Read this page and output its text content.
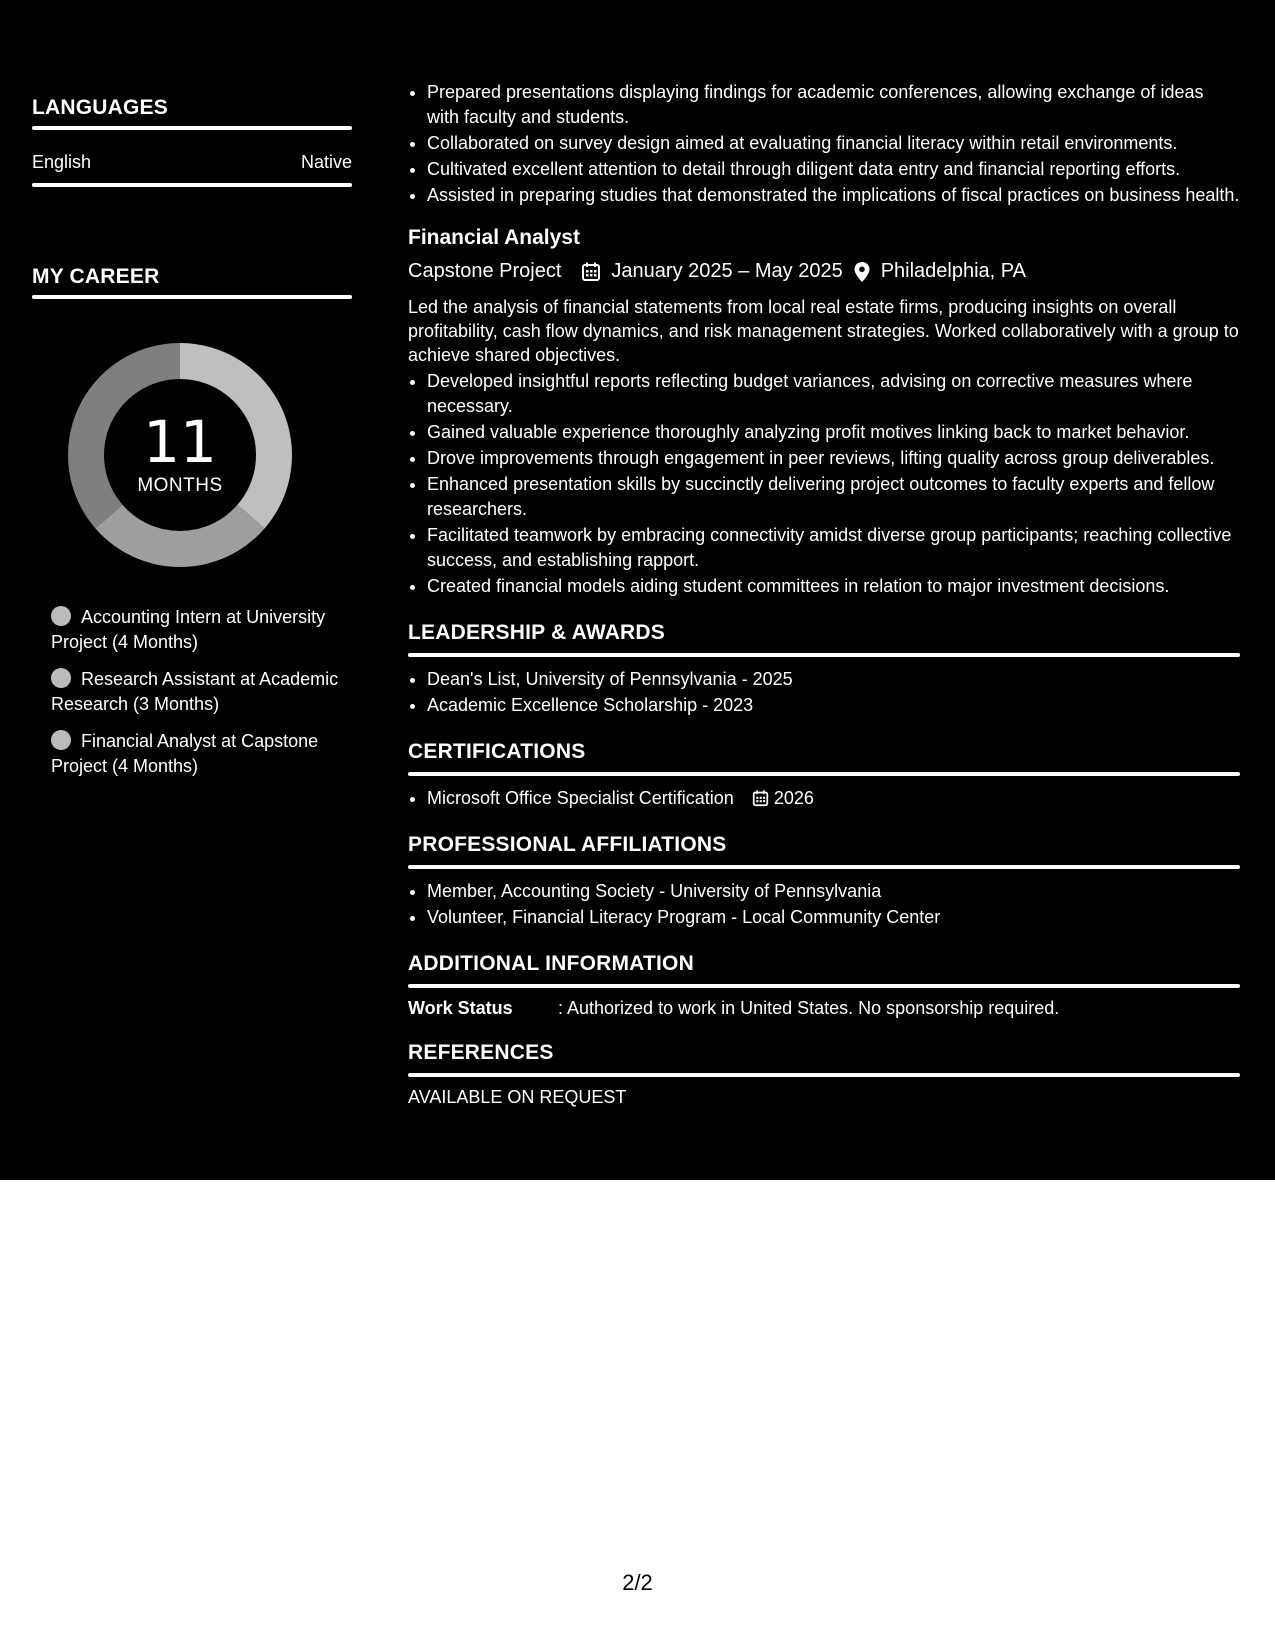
LANGUAGES
English	Native
MY CAREER
11
MONTHS
Accounting Intern at University Project (4 Months)
Research Assistant at Academic Research (3 Months)
Financial Analyst at Capstone Project (4 Months)
• Prepared presentations displaying findings for academic conferences, allowing exchange of ideas with faculty and students.
• Collaborated on survey design aimed at evaluating financial literacy within retail environments.
• Cultivated excellent attention to detail through diligent data entry and financial reporting efforts.
• Assisted in preparing studies that demonstrated the implications of fiscal practices on business health.
Financial Analyst
Capstone Project	January 2025 – May 2025 Philadelphia, PA
Led the analysis of financial statements from local real estate firms, producing insights on overall profitability, cash flow dynamics, and risk management strategies. Worked collaboratively with a group to achieve shared objectives.
• Developed insightful reports reflecting budget variances, advising on corrective measures where necessary.
• Gained valuable experience thoroughly analyzing profit motives linking back to market behavior.
• Drove improvements through engagement in peer reviews, lifting quality across group deliverables.
• Enhanced presentation skills by succinctly delivering project outcomes to faculty experts and fellow researchers.
• Facilitated teamwork by embracing connectivity amidst diverse group participants; reaching collective success, and establishing rapport.
• Created financial models aiding student committees in relation to major investment decisions.
LEADERSHIP & AWARDS
• Dean's List, University of Pennsylvania - 2025
• Academic Excellence Scholarship - 2023
CERTIFICATIONS
• Microsoft Office Specialist Certification 2026
PROFESSIONAL AFFILIATIONS
• Member, Accounting Society - University of Pennsylvania
• Volunteer, Financial Literacy Program - Local Community Center
ADDITIONAL INFORMATION
Work Status	: Authorized to work in United States. No sponsorship required.
REFERENCES
AVAILABLE ON REQUEST
2/2
